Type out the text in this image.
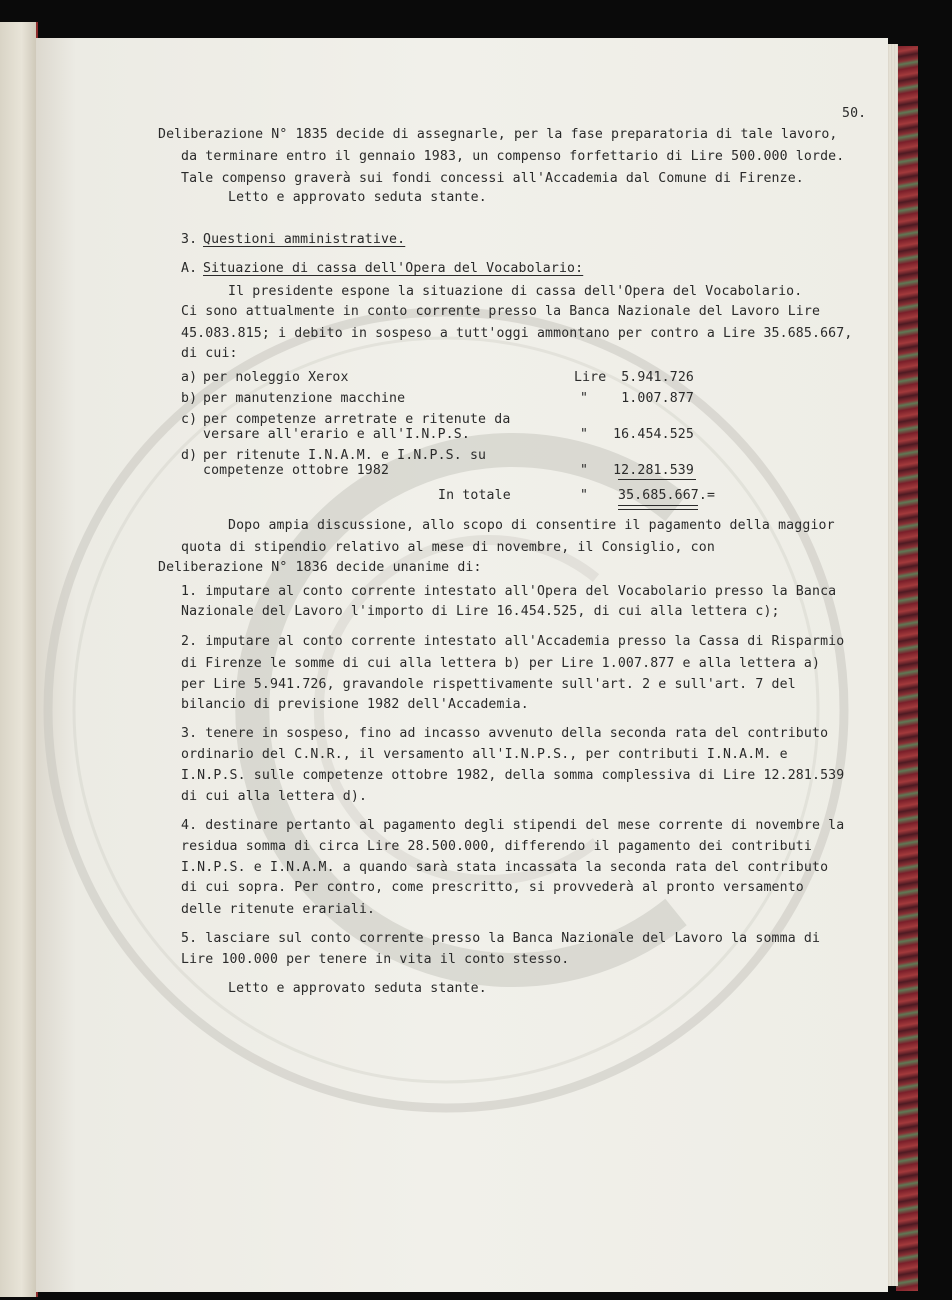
50.

Deliberazione N° 1835 decide di assegnarle, per la fase preparatoria di tale lavoro,

da terminare entro il gennaio 1983, un compenso forfettario di Lire 500.000 lorde.

Tale compenso graverà sui fondi concessi all'Accademia dal Comune di Firenze.

Letto e approvato seduta stante.

3. Questioni amministrative.

A. Situazione di cassa dell'Opera del Vocabolario:

Il presidente espone la situazione di cassa dell'Opera del Vocabolario.

Ci sono attualmente in conto corrente presso la Banca Nazionale del Lavoro Lire

45.083.815; i debito in sospeso a tutt'oggi ammontano per contro a Lire 35.685.667,

di cui:

a) per noleggio Xerox	Lire	5.941.726

b) per manutenzione macchine	"	1.007.877

c) per competenze arretrate e ritenute da

versare all'erario e all'I.N.P.S.	"	16.454.525

d) per ritenute I.N.A.M. e I.N.P.S. su

competenze ottobre 1982	"	12.281.539

In totale	" 35.685.667.=

Dopo ampia discussione, allo scopo di consentire il pagamento della maggior

quota di stipendio relativo al mese di novembre, il Consiglio, con

Deliberazione N° 1836 decide unanime di:

1. imputare al conto corrente intestato all'Opera del Vocabolario presso la Banca

Nazionale del Lavoro l'importo di Lire 16.454.525, di cui alla lettera c);

2. imputare al conto corrente intestato all'Accademia presso la Cassa di Risparmio

di Firenze le somme di cui alla lettera b) per Lire 1.007.877 e alla lettera a)

per Lire 5.941.726, gravandole rispettivamente sull'art. 2 e sull'art. 7 del

bilancio di previsione 1982 dell'Accademia.

3. tenere in sospeso, fino ad incasso avvenuto della seconda rata del contributo

ordinario del C.N.R., il versamento all'I.N.P.S., per contributi I.N.A.M. e

I.N.P.S. sulle competenze ottobre 1982, della somma complessiva di Lire 12.281.539

di cui alla lettera d).

4. destinare pertanto al pagamento degli stipendi del mese corrente di novembre la

residua somma di circa Lire 28.500.000, differendo il pagamento dei contributi

I.N.P.S. e I.N.A.M. a quando sarà stata incassata la seconda rata del contributo

di cui sopra. Per contro, come prescritto, si provvederà al pronto versamento

delle ritenute erariali.

5. lasciare sul conto corrente presso la Banca Nazionale del Lavoro la somma di

Lire 100.000 per tenere in vita il conto stesso.

Letto e approvato seduta stante.
